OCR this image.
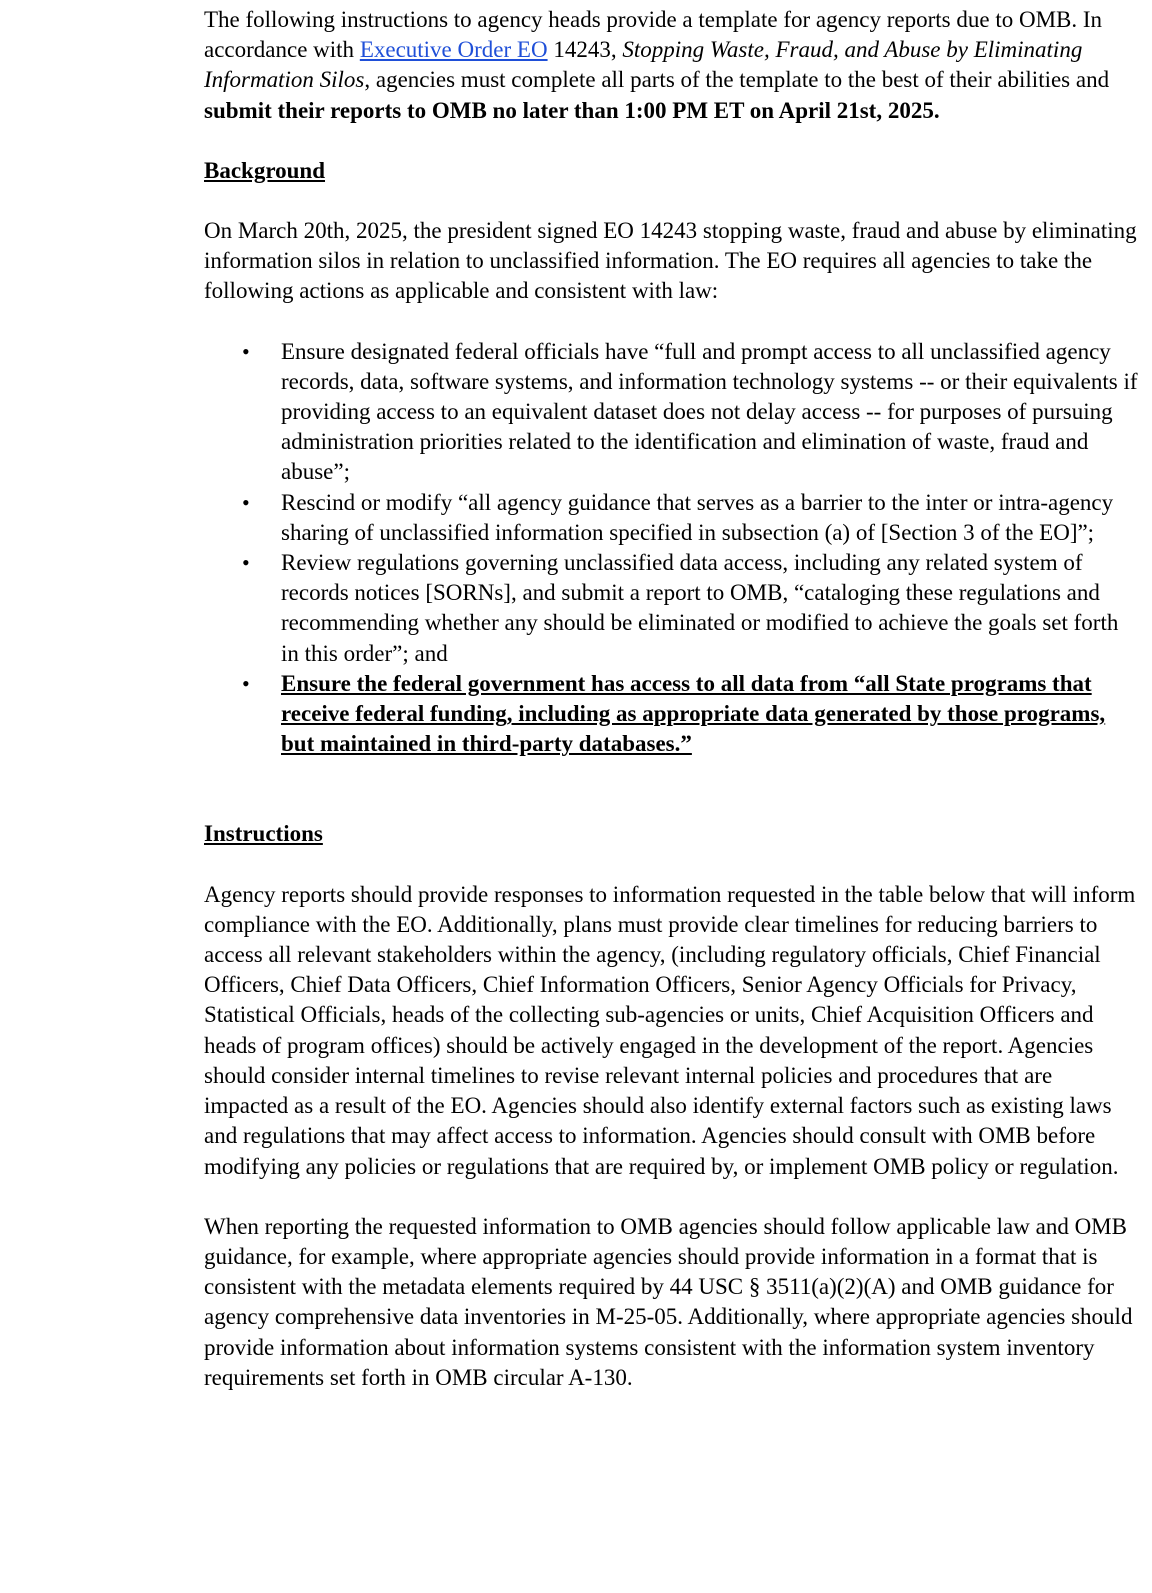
The following instructions to agency heads provide a template for agency reports due to OMB. In accordance with Executive Order EO 14243, Stopping Waste, Fraud, and Abuse by Eliminating Information Silos, agencies must complete all parts of the template to the best of their abilities and submit their reports to OMB no later than 1:00 PM ET on April 21st, 2025.

Background

On March 20th, 2025, the president signed EO 14243 stopping waste, fraud and abuse by eliminating information silos in relation to unclassified information. The EO requires all agencies to take the following actions as applicable and consistent with law:

• Ensure designated federal officials have “full and prompt access to all unclassified agency records, data, software systems, and information technology systems -- or their equivalents if providing access to an equivalent dataset does not delay access -- for purposes of pursuing administration priorities related to the identification and elimination of waste, fraud and abuse”;
• Rescind or modify “all agency guidance that serves as a barrier to the inter or intra-agency sharing of unclassified information specified in subsection (a) of [Section 3 of the EO]”;
• Review regulations governing unclassified data access, including any related system of records notices [SORNs], and submit a report to OMB, “cataloging these regulations and recommending whether any should be eliminated or modified to achieve the goals set forth in this order”; and
• Ensure the federal government has access to all data from “all State programs that receive federal funding, including as appropriate data generated by those programs, but maintained in third-party databases.”
Instructions

Agency reports should provide responses to information requested in the table below that will inform compliance with the EO. Additionally, plans must provide clear timelines for reducing barriers to access all relevant stakeholders within the agency, (including regulatory officials, Chief Financial Officers, Chief Data Officers, Chief Information Officers, Senior Agency Officials for Privacy, Statistical Officials, heads of the collecting sub-agencies or units, Chief Acquisition Officers and heads of program offices) should be actively engaged in the development of the report. Agencies should consider internal timelines to revise relevant internal policies and procedures that are impacted as a result of the EO. Agencies should also identify external factors such as existing laws and regulations that may affect access to information. Agencies should consult with OMB before modifying any policies or regulations that are required by, or implement OMB policy or regulation.

When reporting the requested information to OMB agencies should follow applicable law and OMB guidance, for example, where appropriate agencies should provide information in a format that is consistent with the metadata elements required by 44 USC § 3511(a)(2)(A) and OMB guidance for agency comprehensive data inventories in M-25-05. Additionally, where appropriate agencies should provide information about information systems consistent with the information system inventory requirements set forth in OMB circular A-130.
